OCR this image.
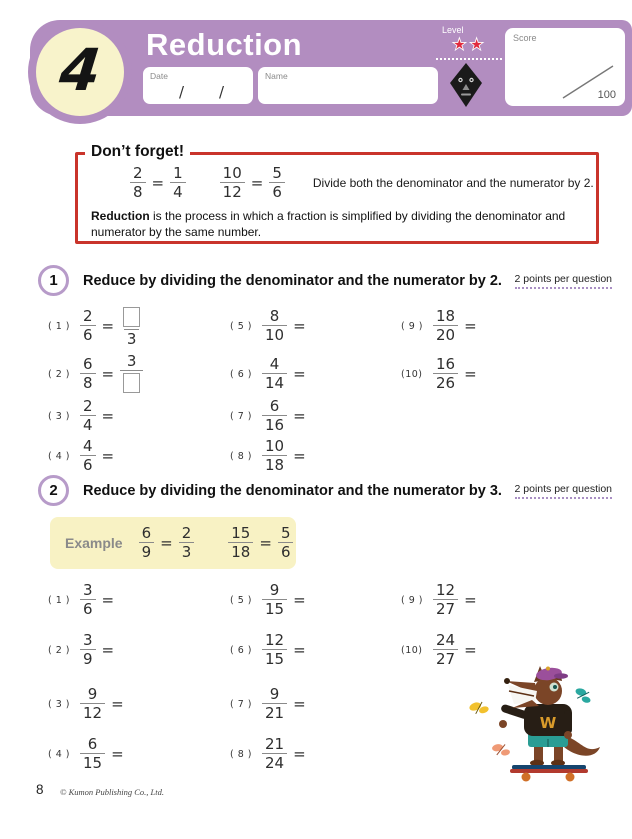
4 Reduction
Date
/ /
Name
Level
★★	Score
100
Don’t forget!
$\frac{2}{8} = \frac{1}{4} \frac{10}{12} = \frac{5}{6}$ Divide both the denominator and the numerator by 2.
Reduction is the process in which a fraction is simplified by dividing the denominator and numerator by the same number.
1	Reduce by dividing the denominator and the numerator by 2. 2 points per question
( 1 ) $\frac{2}{6}$ =
3
( 2 ) $\frac{6}{8}$ =
3
( 3 ) $\frac{2}{4}$ =
( 4 ) $\frac{4}{6}$ =
( 5 ) $\frac{8}{10}$ =
( 6 ) $\frac{4}{14}$ =
( 7 ) $\frac{6}{16}$ =
( 8 ) $\frac{10}{18}$ =
( 9 ) $\frac{18}{20}$ =
$(10) \frac{16}{26}$ =
2	Reduce by dividing the denominator and the numerator by 3. 2 points per question
Example $\frac{6}{9} = \frac{2}{3} \frac{15}{18} = \frac{5}{6}$
( 1 ) $\frac{3}{6}$ =
( 2 ) $\frac{3}{9}$ =
( 3 ) $\frac{9}{12}$ =
( 4 ) $\frac{6}{15}$ =
( 5 ) $\frac{9}{15}$ =
( 6 ) $\frac{12}{15}$ =
( 7 ) $\frac{9}{21}$ =
( 8 ) $\frac{21}{24}$ =
( 9 ) $\frac{12}{27}$ =
$(10) \frac{24}{27}$ =
W
8 © Kumon Publishing Co., Ltd.
